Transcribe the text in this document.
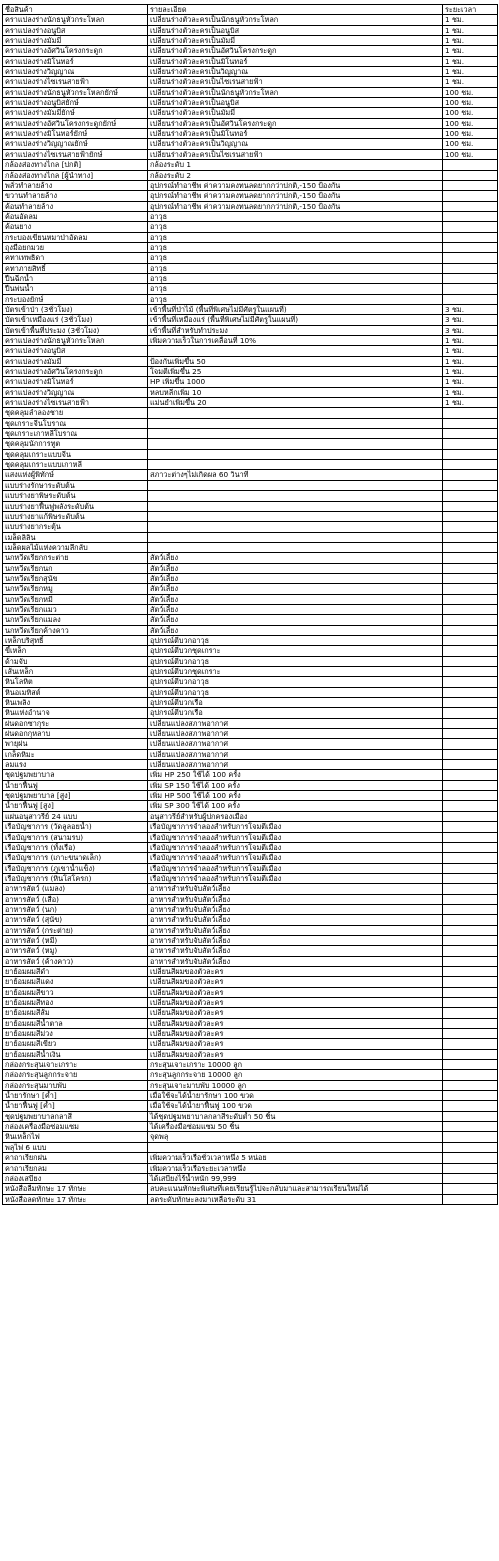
ชื่อสินค้า	รายละเอียด	ระยะเวลา
คราแปลงร่างนักธนูหัวกระโหลก	เปลี่ยนร่างตัวละครเป็นนักธนูหัวกระโหลก	1 ชม.
คราแปลงร่างอนูบิส	เปลี่ยนร่างตัวละครเป็นอนูบิส	1 ชม.
คราแปลงร่างมัมมี่	เปลี่ยนร่างตัวละครเป็นมัมมี่	1 ชม.
คราแปลงร่างอัศวินโครงกระดูก	เปลี่ยนร่างตัวละครเป็นอัศวินโครงกระดูก	1 ชม.
คราแปลงร่างมิโนทอร์	เปลี่ยนร่างตัวละครเป็นมิโนทอร์	1 ชม.
คราแปลงร่างวิญญาณ	เปลี่ยนร่างตัวละครเป็นวิญญาณ	1 ชม.
คราแปลงร่างไซเรนสายฟ้า	เปลี่ยนร่างตัวละครเป็นไซเรนสายฟ้า	1 ชม.
คราแปลงร่างนักธนูหัวกระโหลกยักษ์	เปลี่ยนร่างตัวละครเป็นนักธนูหัวกระโหลก	100 ชม.
คราแปลงร่างอนูบิสยักษ์	เปลี่ยนร่างตัวละครเป็นอนูบิส	100 ชม.
คราแปลงร่างมัมมี่ยักษ์	เปลี่ยนร่างตัวละครเป็นมัมมี่	100 ชม.
คราแปลงร่างอัศวินโครงกระดูกยักษ์	เปลี่ยนร่างตัวละครเป็นอัศวินโครงกระดูก	100 ชม.
คราแปลงร่างมิโนทอร์ยักษ์	เปลี่ยนร่างตัวละครเป็นมิโนทอร์	100 ชม.
คราแปลงร่างวิญญาณยักษ์	เปลี่ยนร่างตัวละครเป็นวิญญาณ	100 ชม.
คราแปลงร่างไซเรนสายฟ้ายักษ์	เปลี่ยนร่างตัวละครเป็นไซเรนสายฟ้า	100 ชม.
กล้องส่องทางไกล [ปกติ]	กล้องระดับ 1	
กล้องส่องทางไกล [ผู้นำทาง]	กล้องระดับ 2	
พลั่วทำลายล้าง	อุปกรณ์ทำอาชีพ ค่าความคงทนลดยากกว่าปกติ,-150 ป้องกัน	
ขวานทำลายล้าง	อุปกรณ์ทำอาชีพ ค่าความคงทนลดยากกว่าปกติ,-150 ป้องกัน	
ค้อนทำลายล้าง	อุปกรณ์ทำอาชีพ ค่าความคงทนลดยากกว่าปกติ,-150 ป้องกัน	
ค้อนอัดลม	อาวุธ	
ค้อนยาง	อาวุธ	
กระบองเขียนหมาป่าอัดลม	อาวุธ	
ถุงมือยกมวย	อาวุธ	
คทาเทพธิดา	อาวุธ	
คทาภายสิทธิ์	อาวุธ	
ปืนฉีกน้ำ	อาวุธ	
ปืนพ่นน้ำ	อาวุธ	
กระบองยักษ์	อาวุธ	
บัตรเข้าป่า (3ชั่วโมง)	เข้าพื้นที่ป่าไม้ (พื้นที่พิเศษไม่มีศัตรูในแผนที่)	3 ชม.
บัตรเข้าเหมืองแร่ (3ชั่วโมง)	เข้าพื้นที่เหมืองแร่ (พื้นที่พิเศษไม่มีศัตรูในแผนที่)	3 ชม.
บัตรเข้าพื้นที่ประมง (3ชั่วโมง)	เข้าพื้นที่สำหรับทำประมง	3 ชม.
คราแปลงร่างนักธนูหัวกระโหลก	เพิ่มความเร็วในการเคลื่อนที่ 10%	1 ชม.
คราแปลงร่างอนูบิส		1 ชม.
คราแปลงร่างมัมมี่	ป้องกันเพิ่มขึ้น 50	1 ชม.
คราแปลงร่างอัศวินโครงกระดูก	โจมตีเพิ่มขึ้น 25	1 ชม.
คราแปลงร่างมิโนทอร์	HP เพิ่มขึ้น 1000	1 ชม.
คราแปลงร่างวิญญาณ	หลบหลีกเพิ่ม 10	1 ชม.
คราแปลงร่างไซเรนสายฟ้า	แม่นยำเพิ่มขึ้น 20	1 ชม.
ชุดคลุมลำลองชาย		
ชุดเกราะจีนโบราณ		
ชุดเกราะเกาหลีโบราณ		
ชุดคลุมนักการทูต		
ชุดคลุมเกราะแบบจีน		
ชุดคลุมเกราะแบบเกาหลี		
แสงแห่งผู้พิทักษ์	สภาวะต่างๆไม่เกิดผล 60 วินาที	
แบบร่างรักษาระดับต้น		
แบบร่างยาพิษระดับต้น		
แบบร่างยาฟื้นฟูพลังระดับต้น		
แบบร่างยาแก้พิษระดับต้น		
แบบร่างยากระตุ้น		
เมล็ดลิลิน		
เมล็ดผลไม้แห่งความลึกลับ		
นกหวีดเรียกกระต่าย	สัตว์เลี้ยง	
นกหวีดเรียกนก	สัตว์เลี้ยง	
นกหวีดเรียกสุนัข	สัตว์เลี้ยง	
นกหวีดเรียกหมู	สัตว์เลี้ยง	
นกหวีดเรียกหมี	สัตว์เลี้ยง	
นกหวีดเรียกแมว	สัตว์เลี้ยง	
นกหวีดเรียกแมลง	สัตว์เลี้ยง	
นกหวีดเรียกค้างคาว	สัตว์เลี้ยง	
เหล็กบริสุทธิ์	อุปกรณ์ตีบวกอาวุธ	
ขี้เหล็ก	อุปกรณ์ตีบวกชุดเกราะ	
ด้ามจับ	อุปกรณ์ตีบวกอาวุธ	
เส้นเหล็ก	อุปกรณ์ตีบวกชุดเกราะ	
หินโลหิต	อุปกรณ์ตีบวกอาวุธ	
หินอเมทิสต์	อุปกรณ์ตีบวกอาวุธ	
หินเพลิง	อุปกรณ์ตีบวกเรือ	
หินแห่งอำนาจ	อุปกรณ์ตีบวกเรือ	
ฝนดอกซากุระ	เปลี่ยนแปลงสภาพอากาศ	
ฝนดอกกุหลาบ	เปลี่ยนแปลงสภาพอากาศ	
พายุฝน	เปลี่ยนแปลงสภาพอากาศ	
เกล็ดหิมะ	เปลี่ยนแปลงสภาพอากาศ	
ลมแรง	เปลี่ยนแปลงสภาพอากาศ	
ชุดปฐมพยาบาล	เพิ่ม HP 250 ใช้ได้ 100 ครั้ง	
น้ำยาฟื้นฟู	เพิ่ม SP 150 ใช้ได้ 100 ครั้ง	
ชุดปฐมพยาบาล [สูง]	เพิ่ม HP 500 ใช้ได้ 100 ครั้ง	
น้ำยาฟื้นฟู [สูง]	เพิ่ม SP 300 ใช้ได้ 100 ครั้ง	
แผ่นอนุสาวรีย์ 24 แบบ	อนุสาวรีย์สำหรับผู้ปกครองเมือง	
เรือบัญชาการ (วัดลูลอยน้ำ)	เรือบัญชาการจำลองสำหรับการโจมตีเมือง	
เรือบัญชาการ (สนามรบ)	เรือบัญชาการจำลองสำหรับการโจมตีเมือง	
เรือบัญชาการ (ทั้งเรือ)	เรือบัญชาการจำลองสำหรับการโจมตีเมือง	
เรือบัญชาการ (เกาะขนาดเล็ก)	เรือบัญชาการจำลองสำหรับการโจมตีเมือง	
เรือบัญชาการ (ภูเขาน้ำแข็ง)	เรือบัญชาการจำลองสำหรับการโจมตีเมือง	
เรือบัญชาการ (หินโสโครก)	เรือบัญชาการจำลองสำหรับการโจมตีเมือง	
อาหารสัตว์ (แมลง)	อาหารสำหรับจับสัตว์เลี้ยง	
อาหารสัตว์ (เสือ)	อาหารสำหรับจับสัตว์เลี้ยง	
อาหารสัตว์ (นก)	อาหารสำหรับจับสัตว์เลี้ยง	
อาหารสัตว์ (สุนัข)	อาหารสำหรับจับสัตว์เลี้ยง	
อาหารสัตว์ (กระต่าย)	อาหารสำหรับจับสัตว์เลี้ยง	
อาหารสัตว์ (หมี)	อาหารสำหรับจับสัตว์เลี้ยง	
อาหารสัตว์ (หมู)	อาหารสำหรับจับสัตว์เลี้ยง	
อาหารสัตว์ (ค้างคาว)	อาหารสำหรับจับสัตว์เลี้ยง	
ยาย้อมผมสีดำ	เปลี่ยนสีผมของตัวละคร	
ยาย้อมผมสีแดง	เปลี่ยนสีผมของตัวละคร	
ยาย้อมผมสีขาว	เปลี่ยนสีผมของตัวละคร	
ยาย้อมผมสีทอง	เปลี่ยนสีผมของตัวละคร	
ยาย้อมผมสีส้ม	เปลี่ยนสีผมของตัวละคร	
ยาย้อมผมสีน้ำตาล	เปลี่ยนสีผมของตัวละคร	
ยาย้อมผมสีม่วง	เปลี่ยนสีผมของตัวละคร	
ยาย้อมผมสีเขียว	เปลี่ยนสีผมของตัวละคร	
ยาย้อมผมสีน้ำเงิน	เปลี่ยนสีผมของตัวละคร	
กล่องกระสุนเจาะเกราะ	กระสุนเจาะเกราะ 10000 ลูก	
กล่องกระสุนลูกกระจาย	กระสุนลูกกระจาย 10000 ลูก	
กล่องกระสุนมาบพับ	กระสุนเจาะมาบพับ 10000 ลูก	
น้ำยารักษา [ค้ำ]	เมื่อใช้จะได้น้ำยารักษา 100 ขวด	
น้ำยาฟื้นฟู [ค้ำ]	เมื่อใช้จะได้น้ำยาฟื้นฟู 100 ขวด	
ชุดปฐมพยาบาลกลาสี	ได้ชุดปฐมพยาบาลกลาสีระดับต้ำ 50 ชิ้น	
กล่องเครื่องมือซ่อมแซม	ได้เครื่องมือซ่อมแซม 50 ชิ้น	
หินเหล็กไฟ	จุดพลุ	
พลุไฟ 6 แบบ		
คาถาเรียกฝน	เพิ่มความเร็วเรือชั่วเวลาหนึ่ง 5 หน่อย	
คาถาเรียกลม	เพิ่มความเร็วเรือระยะเวลาหนึ่ง	
กล่องเสบียง	ได้เสบียงไร้น้ำหนัก 99,999	
หนังสือลืมทักษะ 17 ทักษะ	ลบคะแนนทักษะพิเศษที่เคยเรียนรู้ไปจะกลับมาและสามารถเรียนใหม่ได้	
หนังสือลดทักษะ 17 ทักษะ	ลดระดับทักษะลงมาเหลือระดับ 31	
